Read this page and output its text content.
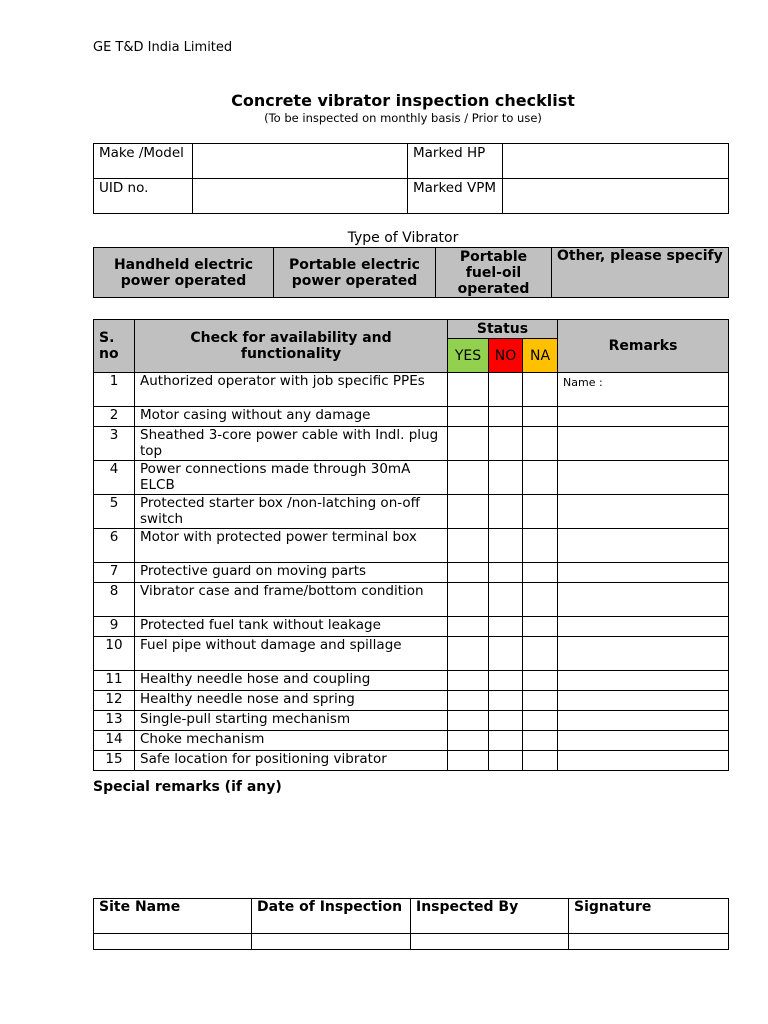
GE T&D India Limited
Concrete vibrator inspection checklist
(To be inspected on monthly basis / Prior to use)
Make /Model		Marked HP	
UID no.		Marked VPM	
Type of Vibrator
Handheld electric power operated	Portable electric power operated	Portable fuel-oil operated	Other, please specify
S. no	Check for availability and functionality	Status			Remarks
		YES	NO	NA	
1	Authorized operator with job specific PPEs				Name :
2	Motor casing without any damage				
3	Sheathed 3-core power cable with Indl. plug top				
4	Power connections made through 30mA ELCB				
5	Protected starter box /non-latching on-off switch				
6	Motor with protected power terminal box				
7	Protective guard on moving parts				
8	Vibrator case and frame/bottom condition				
9	Protected fuel tank without leakage				
10	Fuel pipe without damage and spillage				
11	Healthy needle hose and coupling				
12	Healthy needle nose and spring				
13	Single-pull starting mechanism				
14	Choke mechanism				
15	Safe location for positioning vibrator				
Special remarks (if any)
Site Name	Date of Inspection	Inspected By	Signature
